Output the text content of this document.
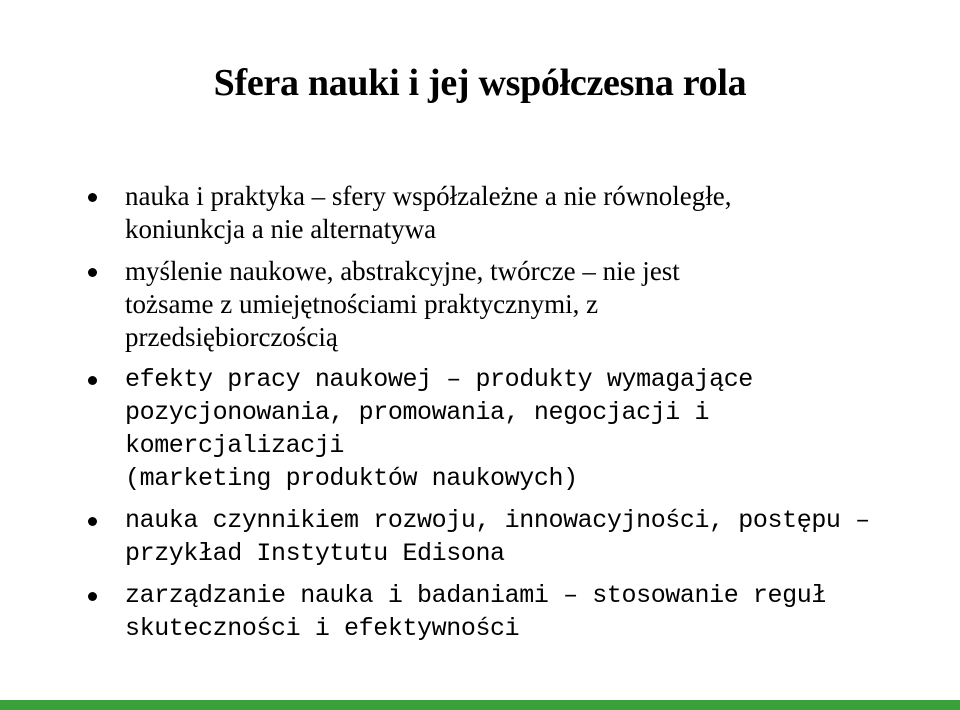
Sfera nauki i jej współczesna rola
nauka i praktyka – sfery współzależne a nie równoległe,
koniunkcja a nie alternatywa
myślenie naukowe, abstrakcyjne, twórcze – nie jest
tożsame z umiejętnościami praktycznymi, z
przedsiębiorczością
efekty pracy naukowej – produkty wymagające
pozycjonowania, promowania, negocjacji i komercjalizacji
(marketing produktów naukowych)
nauka czynnikiem rozwoju, innowacyjności, postępu –
przykład Instytutu Edisona
zarządzanie nauka i badaniami – stosowanie reguł
skuteczności i efektywności
